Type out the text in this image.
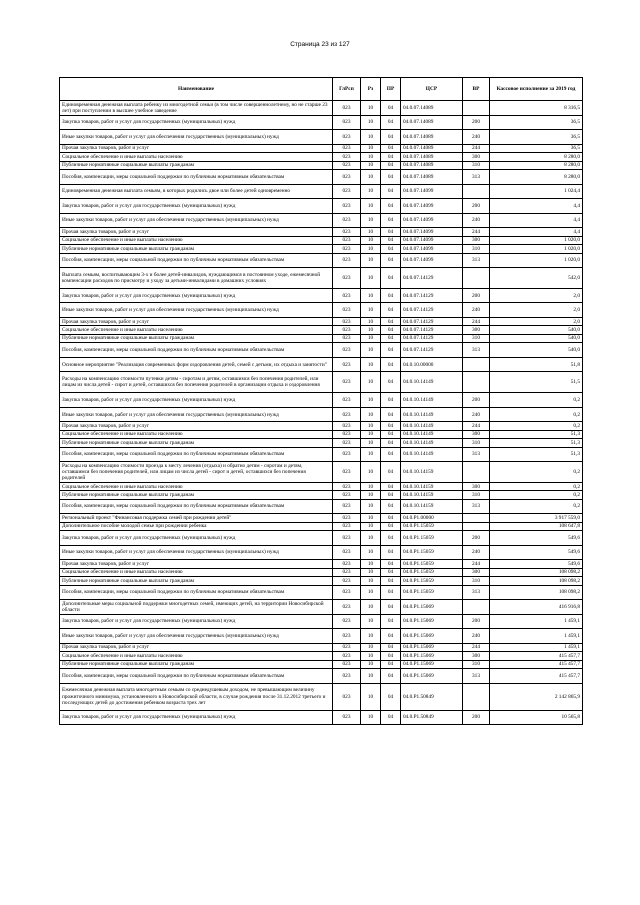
Страница 23 из 127
Наименование	ГлРсп	Рз	ПР	ЦСР	ВР	Кассовое исполнение за 2019 год
Единовременная денежная выплата ребенку из многодетной семьи (в том числе совершеннолетнему, но не старше 23 лет) при поступлении в высшее учебное заведение	023	10	04	04.0.07.14089		8 316,5
Закупка товаров, работ и услуг для государственных (муниципальных) нужд	023	10	04	04.0.07.14089	200	36,5
Иные закупки товаров, работ и услуг для обеспечения государственных (муниципальных) нужд	023	10	04	04.0.07.14089	240	36,5
Прочая закупка товаров, работ и услуг	023	10	04	04.0.07.14089	244	36,5
Социальное обеспечение и иные выплаты населению	023	10	04	04.0.07.14089	300	8 280,0
Публичные нормативные социальные выплаты гражданам	023	10	04	04.0.07.14089	310	8 280,0
Пособия, компенсации, меры социальной поддержки по публичным нормативным обязательствам	023	10	04	04.0.07.14089	313	8 280,0
Единовременная денежная выплата семьям, в которых родились двое или более детей одновременно	023	10	04	04.0.07.14099		1 024,4
Закупка товаров, работ и услуг для государственных (муниципальных) нужд	023	10	04	04.0.07.14099	200	4,4
Иные закупки товаров, работ и услуг для обеспечения государственных (муниципальных) нужд	023	10	04	04.0.07.14099	240	4,4
Прочая закупка товаров, работ и услуг	023	10	04	04.0.07.14099	244	4,4
Социальное обеспечение и иные выплаты населению	023	10	04	04.0.07.14099	300	1 020,0
Публичные нормативные социальные выплаты гражданам	023	10	04	04.0.07.14099	310	1 020,0
Пособия, компенсации, меры социальной поддержки по публичным нормативным обязательствам	023	10	04	04.0.07.14099	313	1 020,0
Выплата семьям, воспитывающим 3-х и более детей-инвалидов, нуждающимся в постоянном уходе, ежемесячной компенсации расходов по присмотру и уходу за детьми-инвалидами в домашних условиях	023	10	04	04.0.07.14129		542,0
Закупка товаров, работ и услуг для государственных (муниципальных) нужд	023	10	04	04.0.07.14129	200	2,0
Иные закупки товаров, работ и услуг для обеспечения государственных (муниципальных) нужд	023	10	04	04.0.07.14129	240	2,0
Прочая закупка товаров, работ и услуг	023	10	04	04.0.07.14129	244	2,0
Социальное обеспечение и иные выплаты населению	023	10	04	04.0.07.14129	300	540,0
Публичные нормативные социальные выплаты гражданам	023	10	04	04.0.07.14129	310	540,0
Пособия, компенсации, меры социальной поддержки по публичным нормативным обязательствам	023	10	04	04.0.07.14129	313	540,0
Основное мероприятие "Реализация современных форм оздоровления детей, семей с детьми, их отдыха и занятости"	023	10	04	04.0.10.00000		51,8
Расходы на компенсацию стоимости путевки детям - сиротам и детям, оставшимся без попечения родителей, или лицам из числа детей - сирот и детей, оставшихся без попечения родителей в организации отдыха и оздоровления	023	10	04	04.0.10.14149		51,5
Закупка товаров, работ и услуг для государственных (муниципальных) нужд	023	10	04	04.0.10.14149	200	0,2
Иные закупки товаров, работ и услуг для обеспечения государственных (муниципальных) нужд	023	10	04	04.0.10.14149	240	0,2
Прочая закупка товаров, работ и услуг	023	10	04	04.0.10.14149	244	0,2
Социальное обеспечение и иные выплаты населению	023	10	04	04.0.10.14149	300	51,3
Публичные нормативные социальные выплаты гражданам	023	10	04	04.0.10.14149	310	51,3
Пособия, компенсации, меры социальной поддержки по публичным нормативным обязательствам	023	10	04	04.0.10.14149	313	51,3
Расходы на компенсацию стоимости проезда к месту лечения (отдыха) и обратно детям - сиротам и детям, оставшимся без попечения родителей, или лицам из числа детей - сирот и детей, оставшихся без попечения родителей	023	10	04	04.0.10.14159		0,2
Социальное обеспечение и иные выплаты населению	023	10	04	04.0.10.14159	300	0,2
Публичные нормативные социальные выплаты гражданам	023	10	04	04.0.10.14159	310	0,2
Пособия, компенсации, меры социальной поддержки по публичным нормативным обязательствам	023	10	04	04.0.10.14159	313	0,2
Региональный проект "Финансовая поддержка семей при рождении детей"	023	10	04	04.0.P1.00000		3 917 559,0
Дополнительное пособие молодой семье при рождении ребенка	023	10	04	04.0.P1.15059		108 647,8
Закупка товаров, работ и услуг для государственных (муниципальных) нужд	023	10	04	04.0.P1.15059	200	549,6
Иные закупки товаров, работ и услуг для обеспечения государственных (муниципальных) нужд	023	10	04	04.0.P1.15059	240	549,6
Прочая закупка товаров, работ и услуг	023	10	04	04.0.P1.15059	244	549,6
Социальное обеспечение и иные выплаты населению	023	10	04	04.0.P1.15059	300	108 098,2
Публичные нормативные социальные выплаты гражданам	023	10	04	04.0.P1.15059	310	108 098,2
Пособия, компенсации, меры социальной поддержки по публичным нормативным обязательствам	023	10	04	04.0.P1.15059	313	108 098,2
Дополнительные меры социальной поддержки многодетных семей, имеющих детей, на территории Новосибирской области	023	10	04	04.0.P1.15069		416 916,8
Закупка товаров, работ и услуг для государственных (муниципальных) нужд	023	10	04	04.0.P1.15069	200	1 459,1
Иные закупки товаров, работ и услуг для обеспечения государственных (муниципальных) нужд	023	10	04	04.0.P1.15069	240	1 459,1
Прочая закупка товаров, работ и услуг	023	10	04	04.0.P1.15069	244	1 459,1
Социальное обеспечение и иные выплаты населению	023	10	04	04.0.P1.15069	300	415 457,7
Публичные нормативные социальные выплаты гражданам	023	10	04	04.0.P1.15069	310	415 457,7
Пособия, компенсации, меры социальной поддержки по публичным нормативным обязательствам	023	10	04	04.0.P1.15069	313	415 457,7
Ежемесячная денежная выплата многодетным семьям со среднедушевым доходом, не превышающим величину прожиточного минимума, установленного в Новосибирской области, в случае рождения после 31.12.2012 третьего и последующих детей до достижения ребенком возраста трех лет	023	10	04	04.0.P1.50849		2 142 865,9
Закупка товаров, работ и услуг для государственных (муниципальных) нужд	023	10	04	04.0.P1.50849	200	10 565,8
